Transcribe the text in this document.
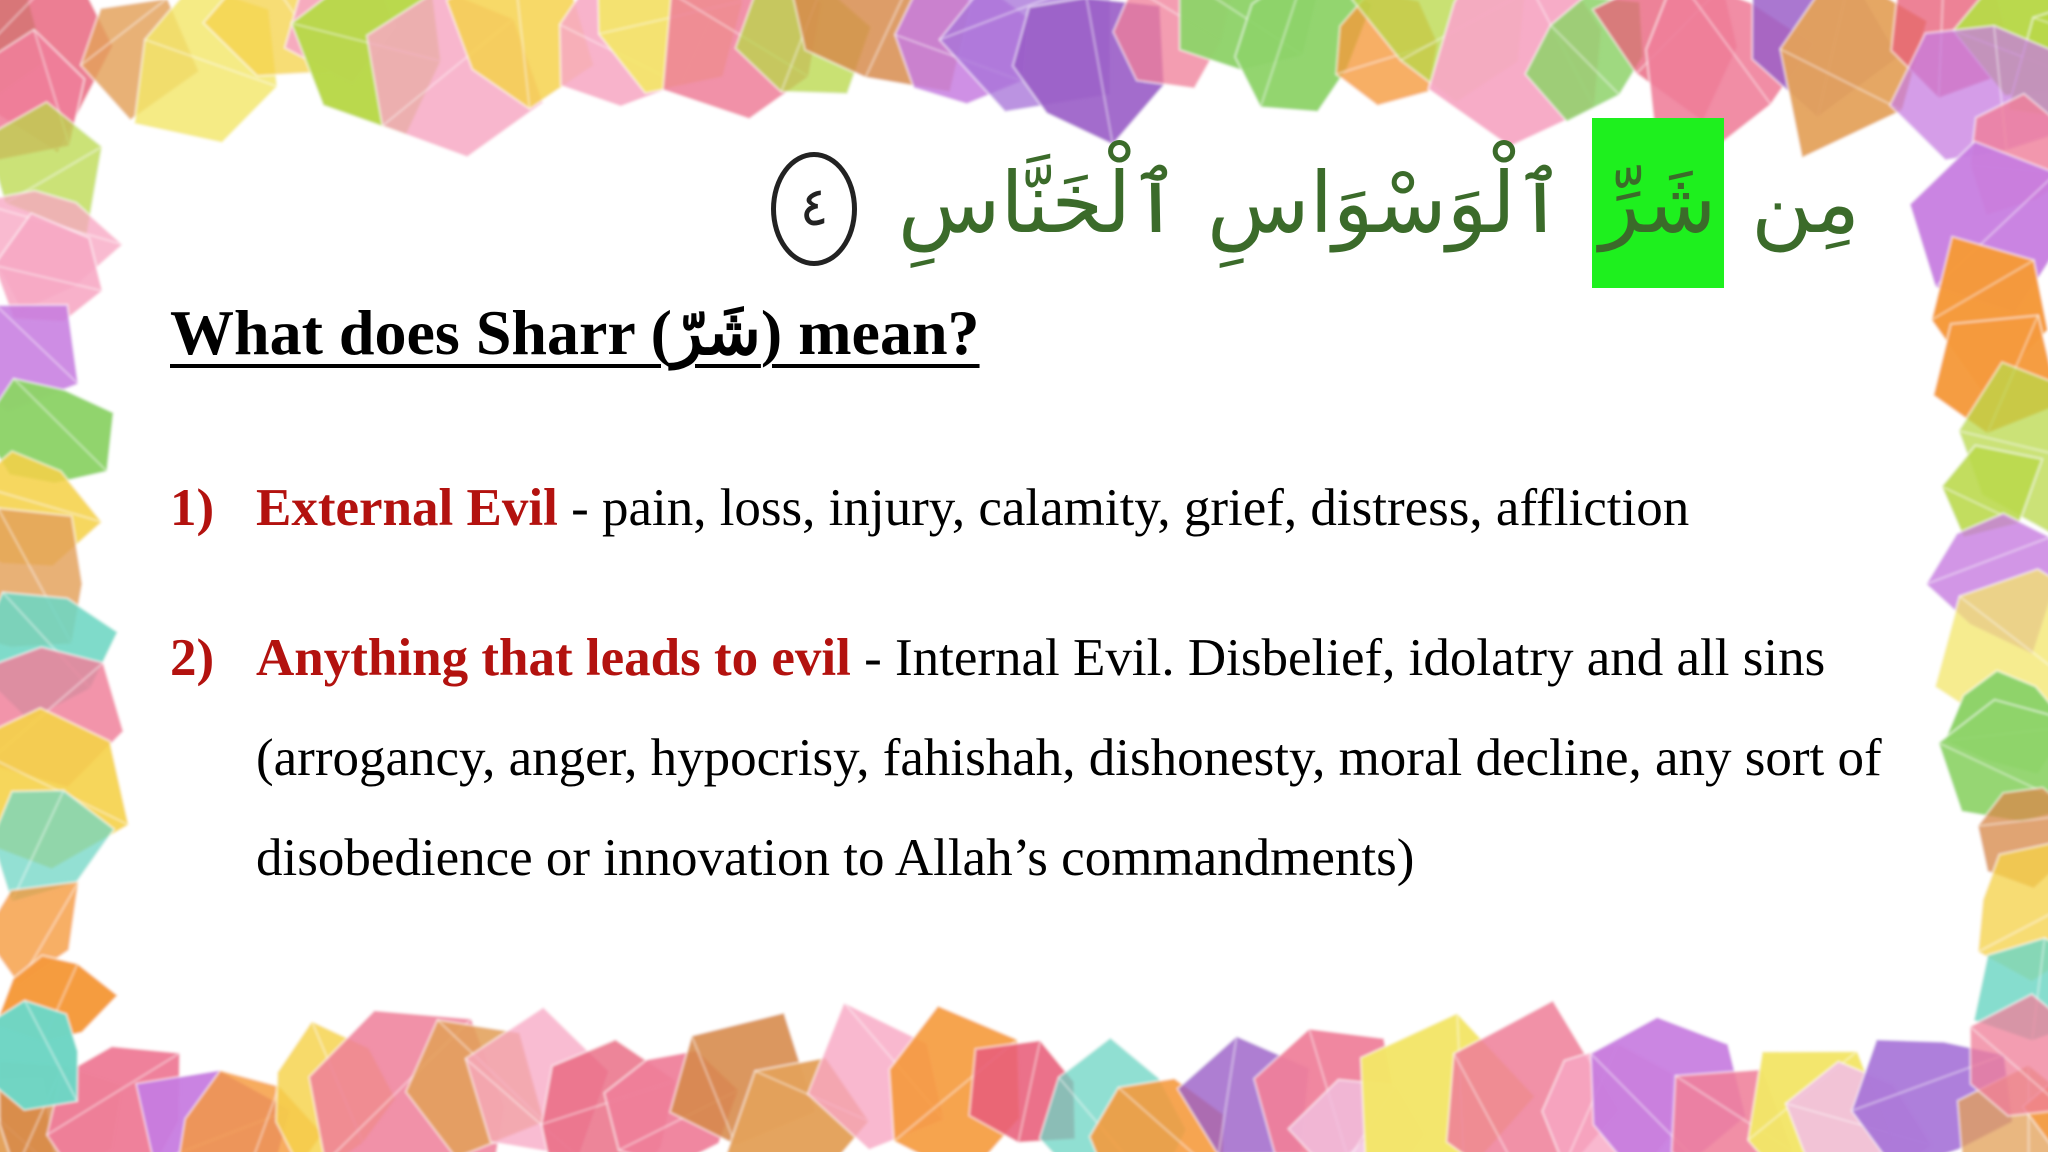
مِن شَرِّ ٱلْوَسْوَاسِ ٱلْخَنَّاسِ ٤
What does Sharr (شَرّ) mean?
1) External Evil - pain, loss, injury, calamity, grief, distress, affliction
2) Anything that leads to evil - Internal Evil. Disbelief, idolatry and all sins (arrogancy, anger, hypocrisy, fahishah, dishonesty, moral decline, any sort of disobedience or innovation to Allah’s commandments)
